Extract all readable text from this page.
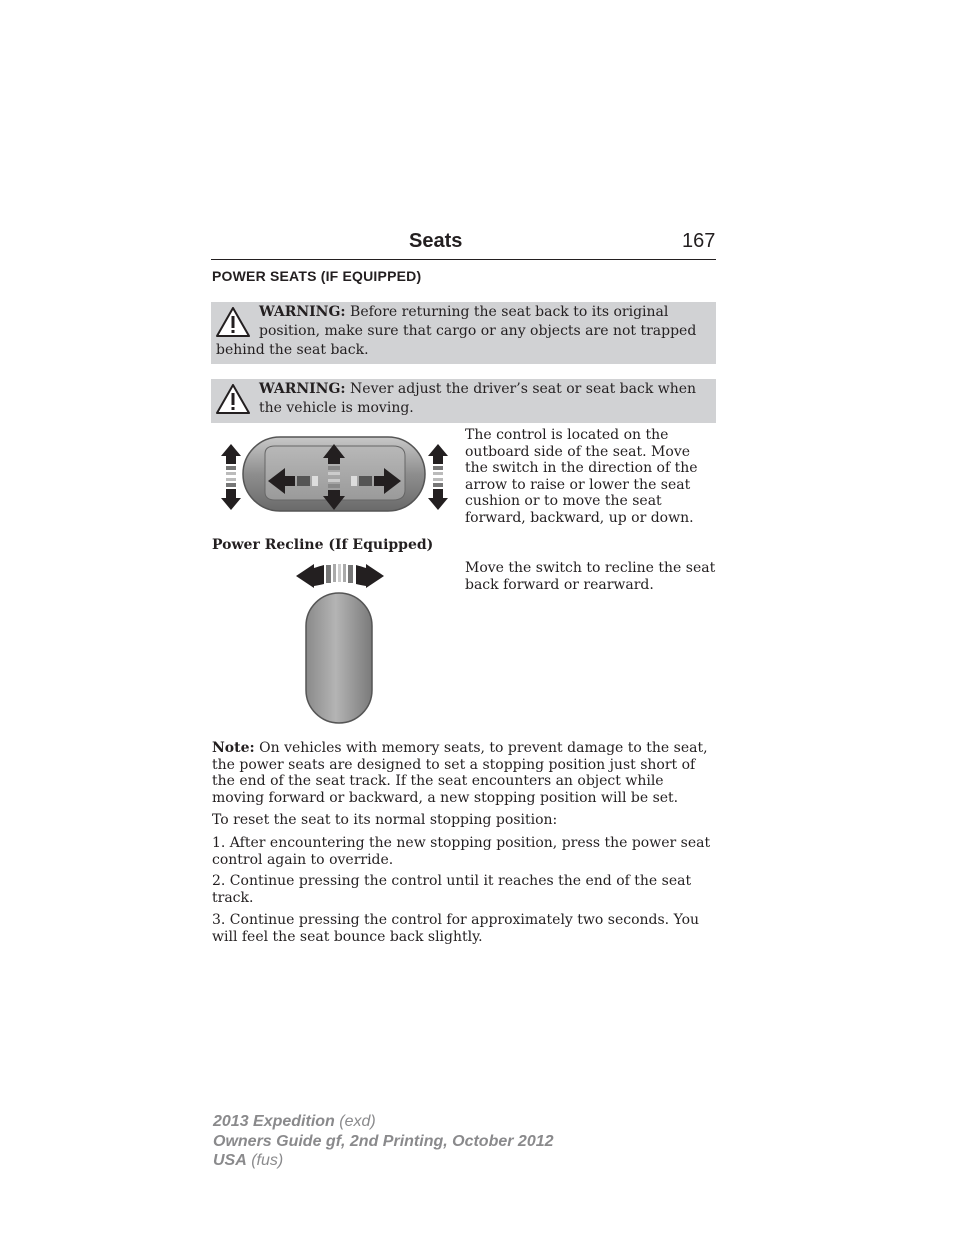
Seats	167
POWER SEATS (IF EQUIPPED)
WARNING: Before returning the seat back to its original position, make sure that cargo or any objects are not trapped behind the seat back.
WARNING: Never adjust the driver’s seat or seat back when the vehicle is moving.
The control is located on the outboard side of the seat. Move the switch in the direction of the arrow to raise or lower the seat cushion or to move the seat forward, backward, up or down.
Power Recline (If Equipped)
Move the switch to recline the seat back forward or rearward.
Note: On vehicles with memory seats, to prevent damage to the seat, the power seats are designed to set a stopping position just short of the end of the seat track. If the seat encounters an object while moving forward or backward, a new stopping position will be set.
To reset the seat to its normal stopping position:
1. After encountering the new stopping position, press the power seat control again to override.
2. Continue pressing the control until it reaches the end of the seat track.
3. Continue pressing the control for approximately two seconds. You will feel the seat bounce back slightly.
2013 Expedition (exd)
Owners Guide gf, 2nd Printing, October 2012
USA (fus)
